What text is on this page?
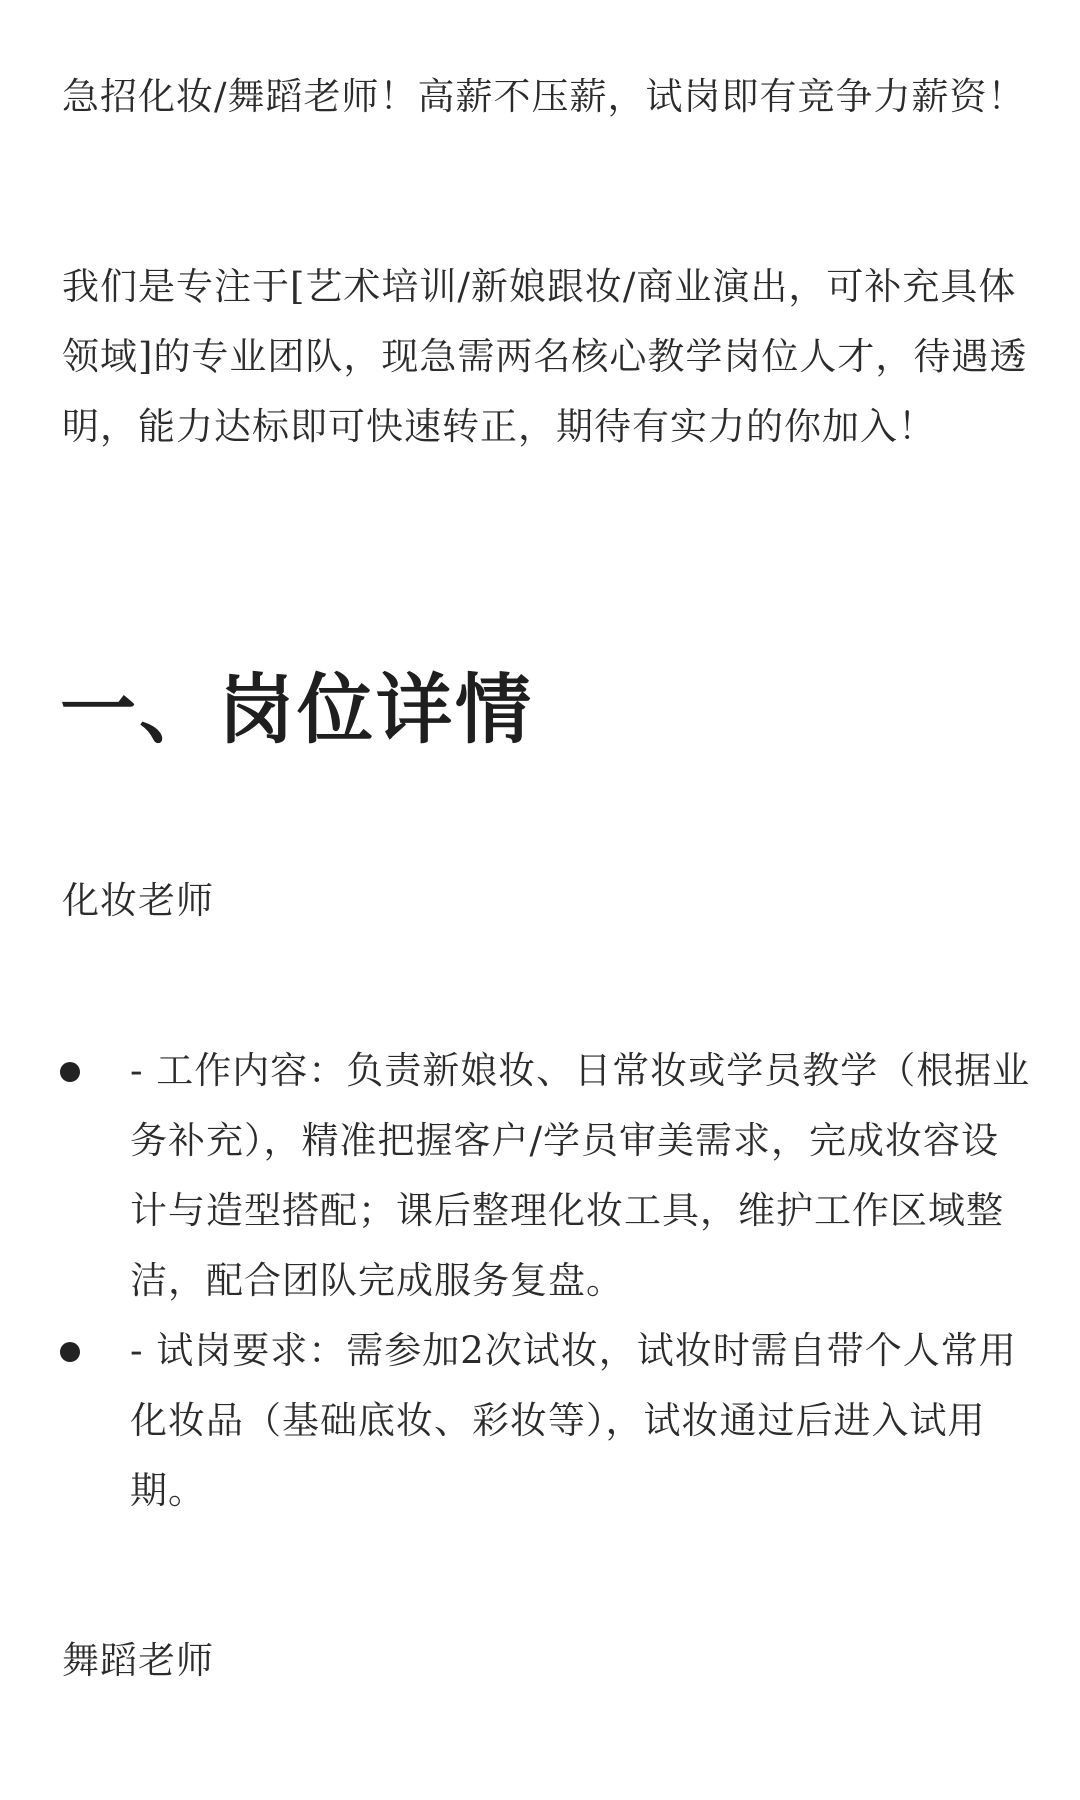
急招化妆/舞蹈老师！高薪不压薪，试岗即有竞争力薪资！

我们是专注于[艺术培训/新娘跟妆/商业演出，可补充具体领域]的专业团队，现急需两名核心教学岗位人才，待遇透明，能力达标即可快速转正，期待有实力的你加入！

一、岗位详情

化妆老师

- 工作内容：负责新娘妆、日常妆或学员教学（根据业务补充），精准把握客户/学员审美需求，完成妆容设计与造型搭配；课后整理化妆工具，维护工作区域整洁，配合团队完成服务复盘。
- 试岗要求：需参加2次试妆，试妆时需自带个人常用化妆品（基础底妆、彩妆等），试妆通过后进入试用期。

舞蹈老师
